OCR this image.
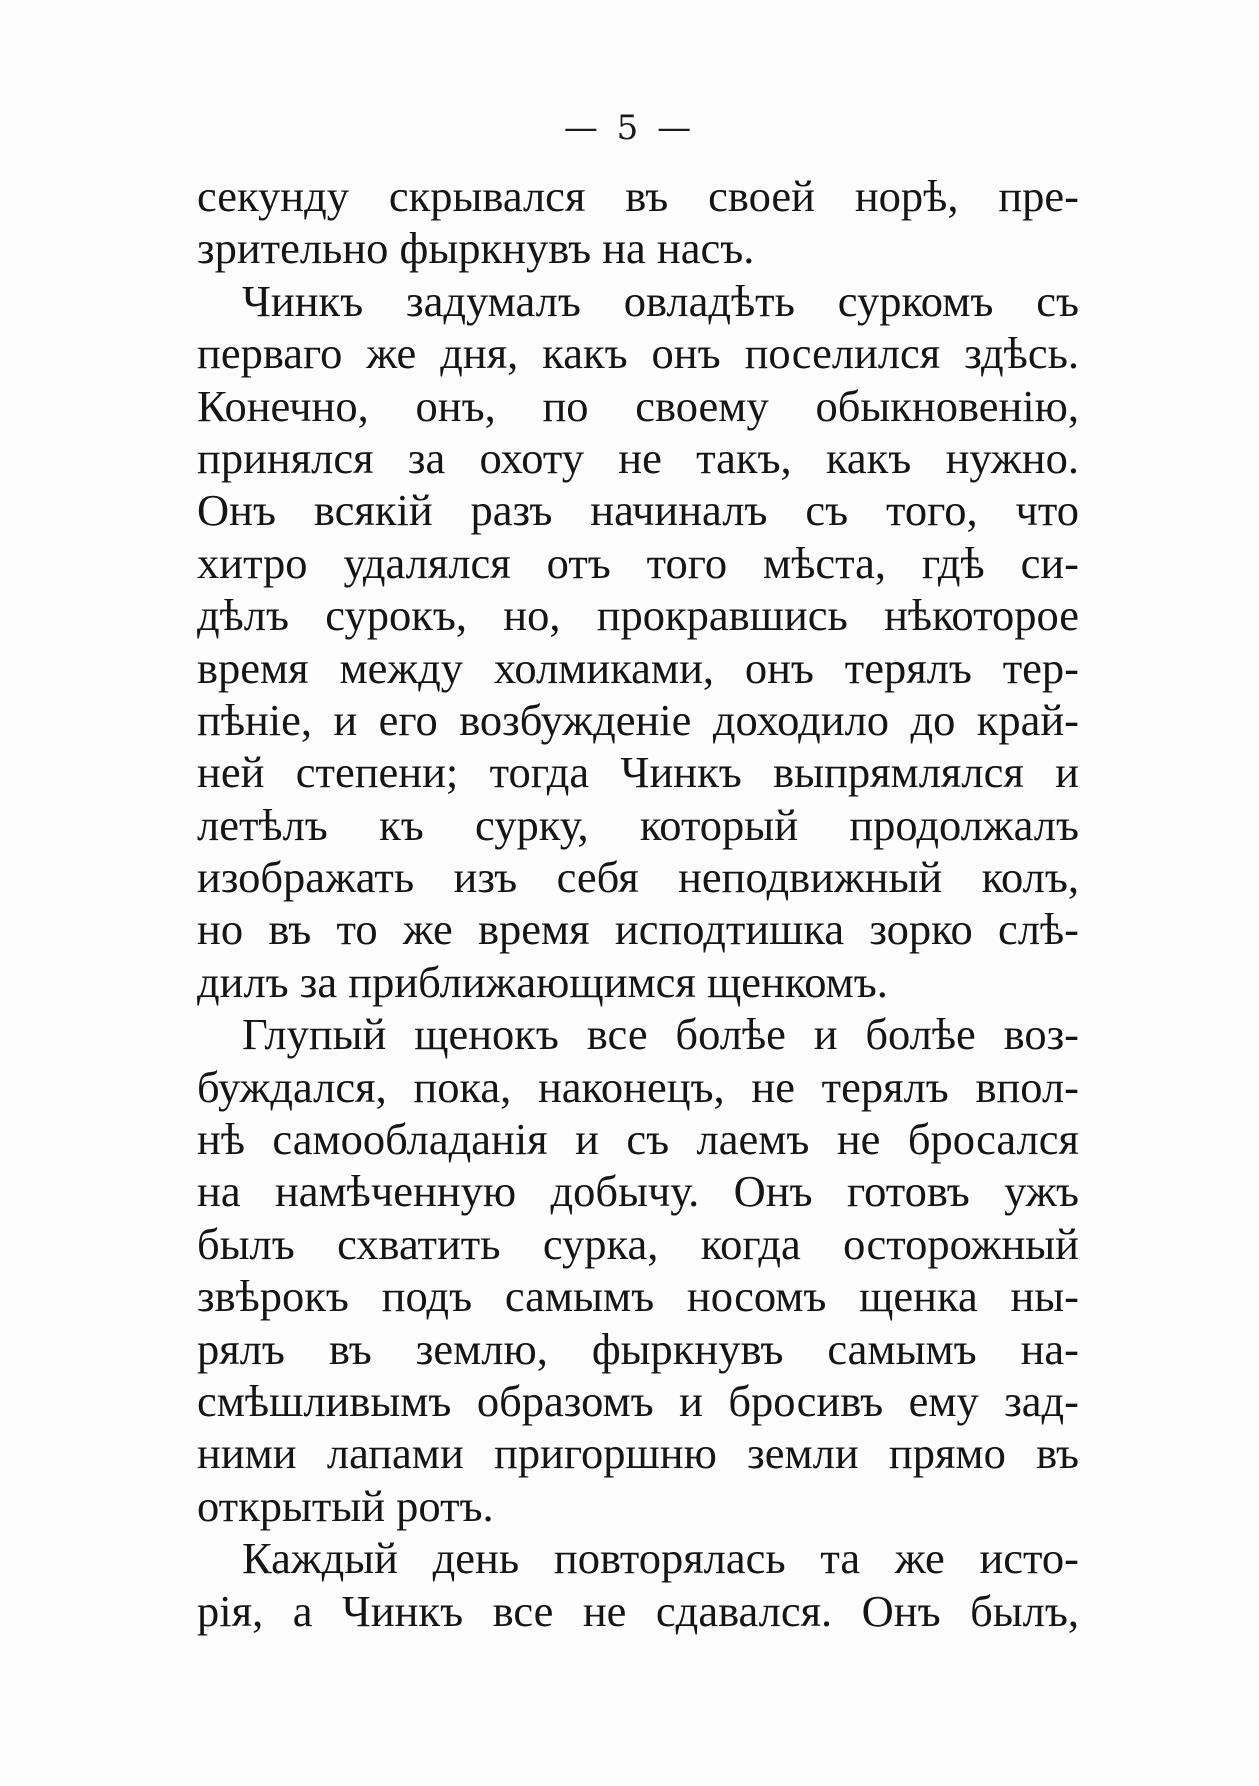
— 5 —
секунду скрывался въ своей норѣ, пре-
зрительно фыркнувъ на насъ.
Чинкъ задумалъ овладѣть суркомъ съ
перваго же дня, какъ онъ поселился здѣсь.
Конечно, онъ, по своему обыкновенію,
принялся за охоту не такъ, какъ нужно.
Онъ всякій разъ начиналъ съ того, что
хитро удалялся отъ того мѣста, гдѣ си-
дѣлъ сурокъ, но, прокравшись нѣкоторое
время между холмиками, онъ терялъ тер-
пѣніе, и его возбужденіе доходило до край-
ней степени; тогда Чинкъ выпрямлялся и
летѣлъ къ сурку, который продолжалъ
изображать изъ себя неподвижный колъ,
но въ то же время исподтишка зорко слѣ-
дилъ за приближающимся щенкомъ.
Глупый щенокъ все болѣе и болѣе воз-
буждался, пока, наконецъ, не терялъ впол-
нѣ самообладанія и съ лаемъ не бросался
на намѣченную добычу. Онъ готовъ ужъ
былъ схватить сурка, когда осторожный
звѣрокъ подъ самымъ носомъ щенка ны-
рялъ въ землю, фыркнувъ самымъ на-
смѣшливымъ образомъ и бросивъ ему зад-
ними лапами пригоршню земли прямо въ
открытый ротъ.
Каждый день повторялась та же исто-
рія, а Чинкъ все не сдавался. Онъ былъ,
